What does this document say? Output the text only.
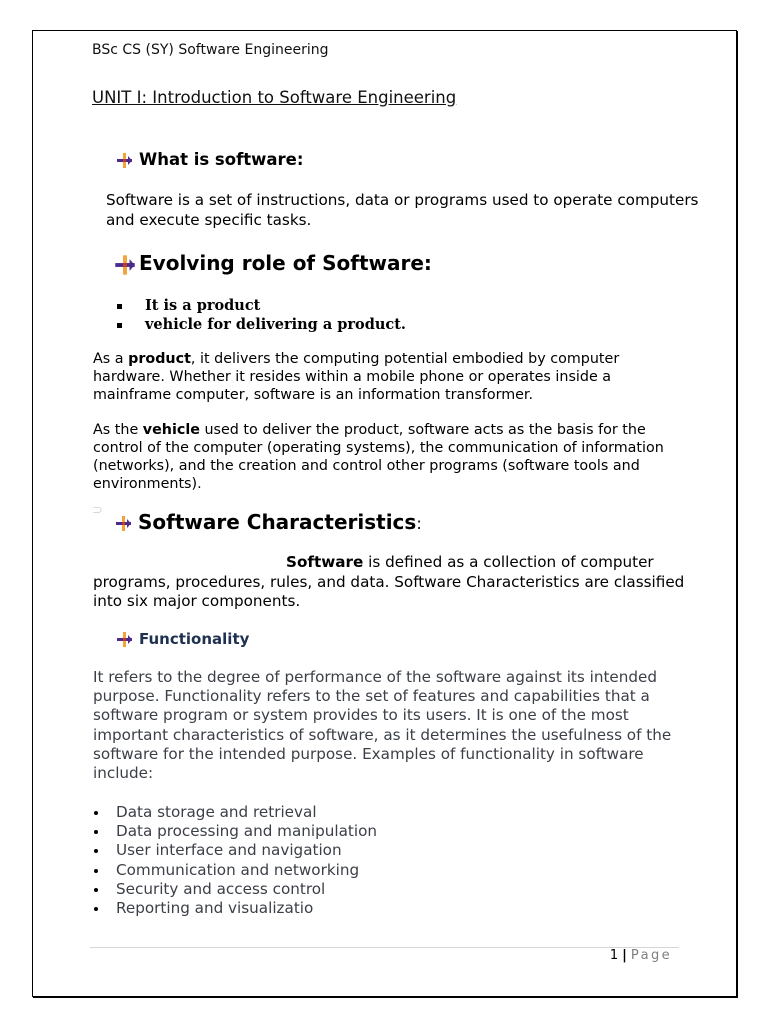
BSc CS (SY) Software Engineering
UNIT I: Introduction to Software Engineering
What is software:
Software is a set of instructions, data or programs used to operate computers and execute specific tasks.
Evolving role of Software:
It is a product
vehicle for delivering a product.
As a product, it delivers the computing potential embodied by computer hardware. Whether it resides within a mobile phone or operates inside a mainframe computer, software is an information transformer.
As the vehicle used to deliver the product, software acts as the basis for the control of the computer (operating systems), the communication of information (networks), and the creation and control other programs (software tools and environments).
⊃	Software Characteristics:
Software is defined as a collection of computer programs, procedures, rules, and data. Software Characteristics are classified into six major components.
Functionality
It refers to the degree of performance of the software against its intended purpose. Functionality refers to the set of features and capabilities that a software program or system provides to its users. It is one of the most important characteristics of software, as it determines the usefulness of the software for the intended purpose. Examples of functionality in software include:
Data storage and retrieval
Data processing and manipulation
User interface and navigation
Communication and networking
Security and access control
Reporting and visualizatio
1 | Page
